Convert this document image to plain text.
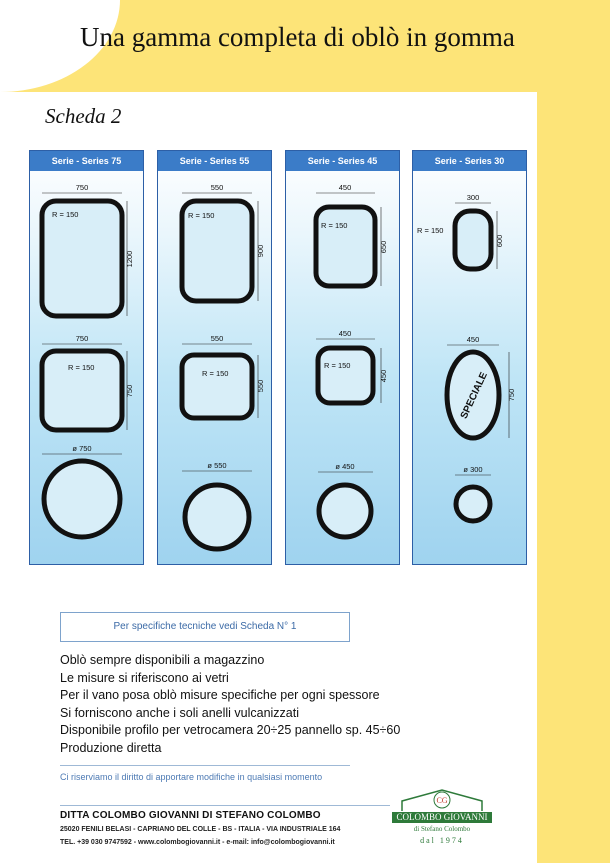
Una gamma completa di oblò in gomma
Scheda 2
Serie - Series 75
750
R = 150
1200
750
R = 150
750
ø 750
Serie - Series 55
550
R = 150
900
550
R = 150
550
ø 550
Serie - Series 45
450
R = 150
650
450
R = 150
450
ø 450
Serie - Series 30
300
R = 150
600
450
SPECIALE 750
ø 300
Per specifiche tecniche vedi Scheda N° 1
Oblò sempre disponibili a magazzino
Le misure si riferiscono ai vetri
Per il vano posa oblò misure specifiche per ogni spessore
Si forniscono anche i soli anelli vulcanizzati
Disponibile profilo per vetrocamera 20÷25 pannello sp. 45÷60
Produzione diretta
Ci riserviamo il diritto di apportare modifiche in qualsiasi momento
DITTA COLOMBO GIOVANNI DI STEFANO COLOMBO
25020 FENILI BELASI - CAPRIANO DEL COLLE - BS - ITALIA - VIA INDUSTRIALE 164
TEL. +39 030 9747592 - www.colombogiovanni.it - e-mail: info@colombogiovanni.it
CG
COLOMBO GIOVANNI
di Stefano Colombo
dal 1974
